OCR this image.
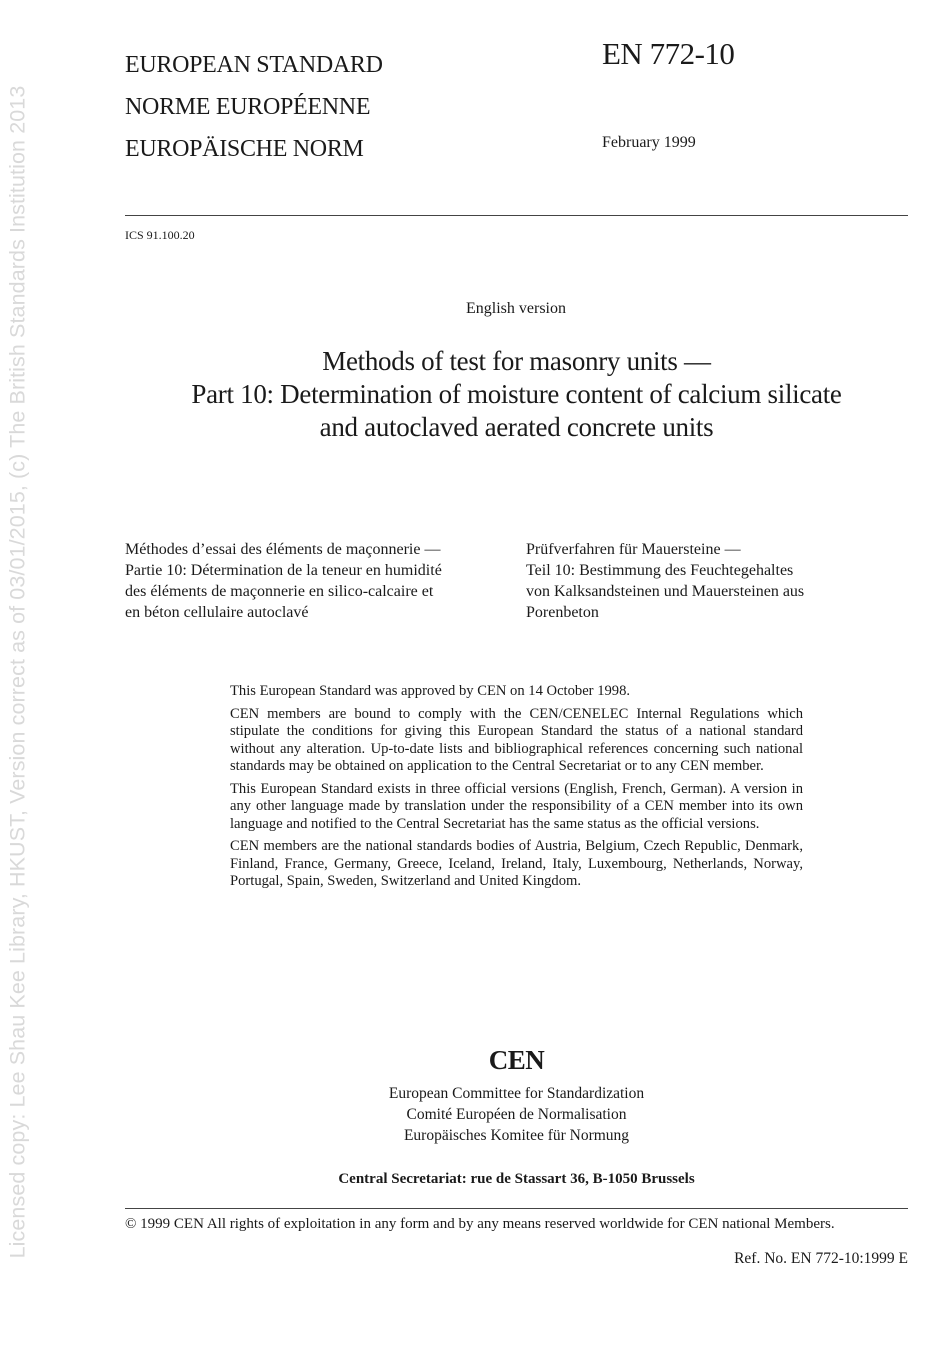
EUROPEAN STANDARD
NORME EUROPÉENNE
EUROPÄISCHE NORM
EN 772-10
February 1999
ICS 91.100.20
English version
Methods of test for masonry units —
Part 10: Determination of moisture content of calcium silicate
and autoclaved aerated concrete units
Méthodes d’essai des éléments de maçonnerie —
Partie 10: Détermination de la teneur en humidité
des éléments de maçonnerie en silico-calcaire et
en béton cellulaire autoclavé
Prüfverfahren für Mauersteine —
Teil 10: Bestimmung des Feuchtegehaltes
von Kalksandsteinen und Mauersteinen aus
Porenbeton

This European Standard was approved by CEN on 14 October 1998.

CEN members are bound to comply with the CEN/CENELEC Internal Regulations which stipulate the conditions for giving this European Standard the status of a national standard without any alteration. Up-to-date lists and bibliographical references concerning such national standards may be obtained on application to the Central Secretariat or to any CEN member.

This European Standard exists in three official versions (English, French, German). A version in any other language made by translation under the responsibility of a CEN member into its own language and notified to the Central Secretariat has the same status as the official versions.

CEN members are the national standards bodies of Austria, Belgium, Czech Republic, Denmark, Finland, France, Germany, Greece, Iceland, Ireland, Italy, Luxembourg, Netherlands, Norway, Portugal, Spain, Sweden, Switzerland and United Kingdom.

CEN
European Committee for Standardization
Comité Européen de Normalisation
Europäisches Komitee für Normung
Central Secretariat: rue de Stassart 36, B-1050 Brussels
© 1999 CEN All rights of exploitation in any form and by any means reserved worldwide for CEN national Members.
Ref. No. EN 772-10:1999 E
Licensed copy: Lee Shau Kee Library, HKUST, Version correct as of 03/01/2015, (c) The British Standards Institution 2013
